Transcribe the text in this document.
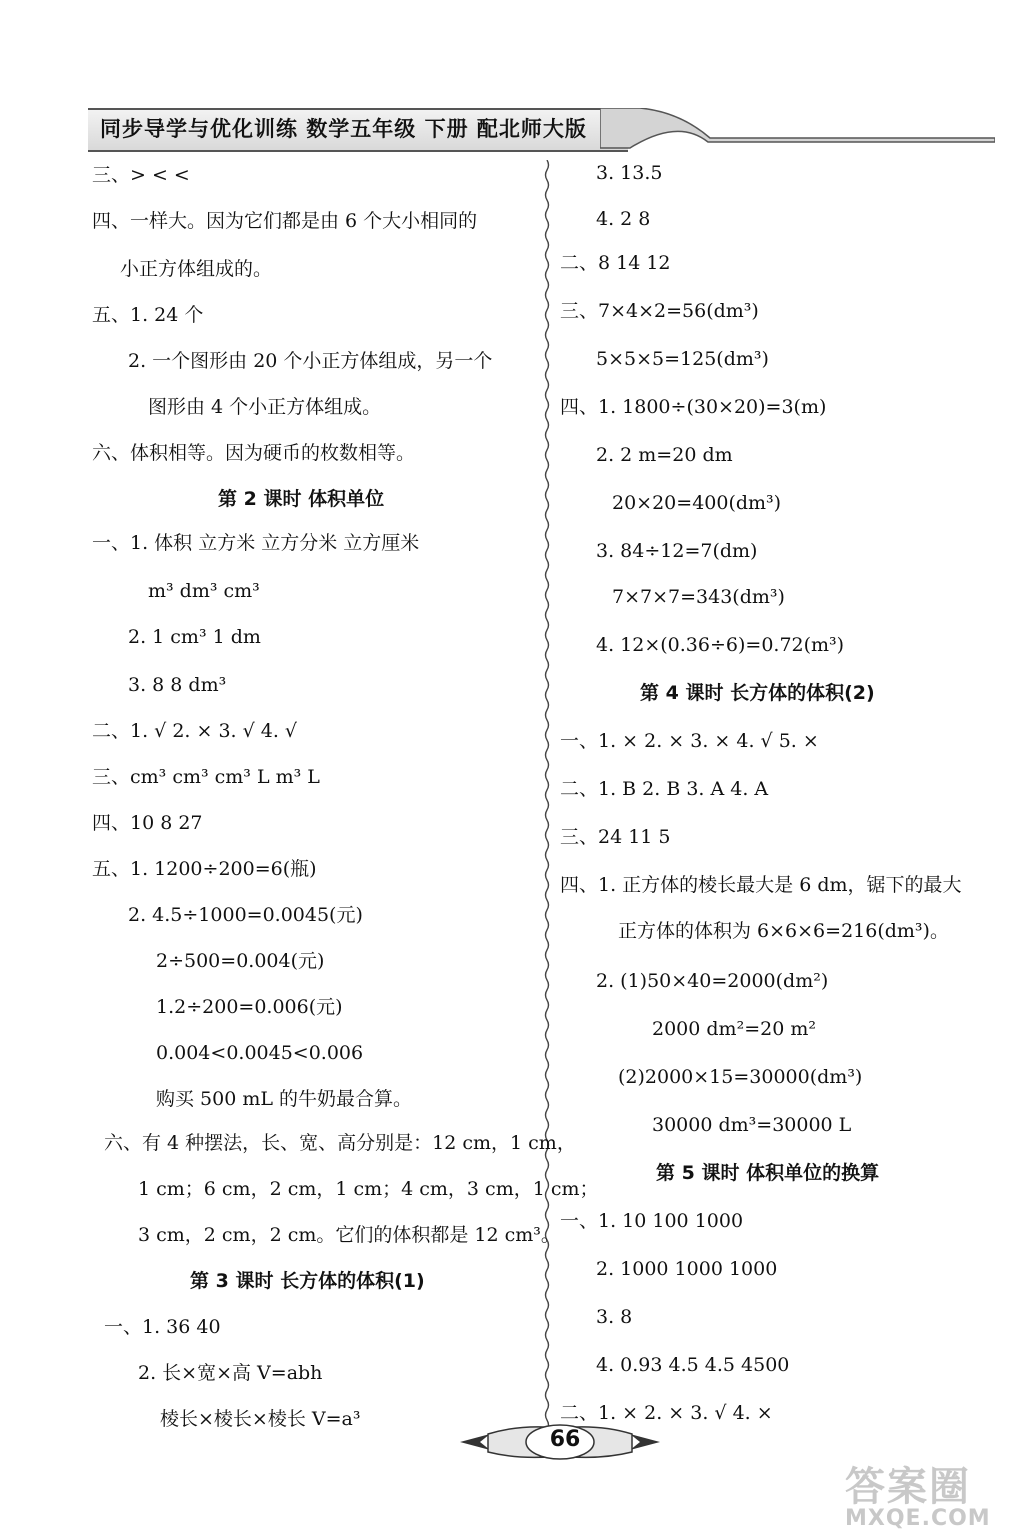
同步导学与优化训练 数学五年级 下册 配北师大版
三、> < <
四、一样大。因为它们都是由 6 个大小相同的
小正方体组成的。
五、1. 24 个
2. 一个图形由 20 个小正方体组成，另一个
图形由 4 个小正方体组成。
六、体积相等。因为硬币的枚数相等。
第 2 课时 体积单位
一、1. 体积 立方米 立方分米 立方厘米
m³ dm³ cm³
2. 1 cm³ 1 dm
3. 8 8 dm³
二、1. √ 2. × 3. √ 4. √
三、cm³ cm³ cm³ L m³ L
四、10 8 27
五、1. 1200÷200=6(瓶)
2. 4.5÷1000=0.0045(元)
2÷500=0.004(元)
1.2÷200=0.006(元)
0.004<0.0045<0.006
购买 500 mL 的牛奶最合算。
六、有 4 种摆法，长、宽、高分别是：12 cm，1 cm，
1 cm；6 cm，2 cm，1 cm；4 cm，3 cm，1 cm；
3 cm，2 cm，2 cm。它们的体积都是 12 cm³。
第 3 课时 长方体的体积(1)
一、1. 36 40
2. 长×宽×高 V=abh
棱长×棱长×棱长 V=a³
3. 13.5
4. 2 8
二、8 14 12
三、7×4×2=56(dm³)
5×5×5=125(dm³)
四、1. 1800÷(30×20)=3(m)
2. 2 m=20 dm
20×20=400(dm³)
3. 84÷12=7(dm)
7×7×7=343(dm³)
4. 12×(0.36÷6)=0.72(m³)
第 4 课时 长方体的体积(2)
一、1. × 2. × 3. × 4. √ 5. ×
二、1. B 2. B 3. A 4. A
三、24 11 5
四、1. 正方体的棱长最大是 6 dm，锯下的最大
正方体的体积为 6×6×6=216(dm³)。
2. (1)50×40=2000(dm²)
2000 dm²=20 m²
(2)2000×15=30000(dm³)
30000 dm³=30000 L
第 5 课时 体积单位的换算
一、1. 10 100 1000
2. 1000 1000 1000
3. 8
4. 0.93 4.5 4.5 4500
二、1. × 2. × 3. √ 4. ×
66
答案圈
MXQE.COM
